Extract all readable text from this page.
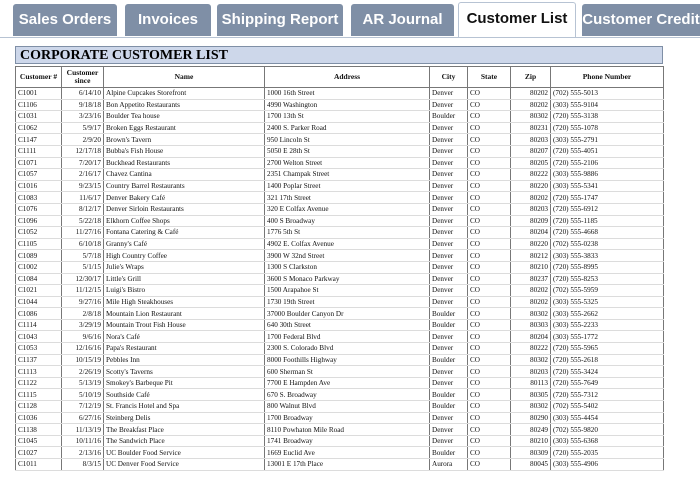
Sales Orders	Invoices	Shipping Report	AR Journal	Customer List Customer Credit
CORPORATE CUSTOMER LIST
Customer #	Customer since	Name	Address	City	State	Zip	Phone Number
C1001	6/14/10	Alpine Cupcakes Storefront	1000 16th Street	Denver	CO	80202	(702) 555-5013
C1106	9/18/18	Bon Appetito Restaurants	4990 Washington	Denver	CO	80202	(303) 555-9104
C1031	3/23/16	Boulder Tea house	1700 13th St	Boulder	CO	80302	(720) 555-3138
C1062	5/9/17	Broken Eggs Restaurant	2400 S. Parker Road	Denver	CO	80231	(720) 555-1078
C1147	2/9/20	Brown's Tavern	950 Lincoln St	Denver	CO	80203	(303) 555-2791
C1111	12/17/18	Bubba's Fish House	5050 E 28th St	Denver	CO	80207	(720) 555-4051
C1071	7/20/17	Buckhead Restaurants	2700 Welton Street	Denver	CO	80205	(720) 555-2106
C1057	2/16/17	Chavez Cantina	2351 Champak Street	Denver	CO	80222	(303) 555-9886
C1016	9/23/15	Country Barrel Restaurants	1400 Poplar Street	Denver	CO	80220	(303) 555-5341
C1083	11/6/17	Denver Bakery Café	321 17th Street	Denver	CO	80202	(720) 555-1747
C1076	8/12/17	Denver Sirloin Restaurants	320 E Colfax Avenue	Denver	CO	80203	(720) 555-6912
C1096	5/22/18	Elkhorn Coffee Shops	400 S Broadway	Denver	CO	80209	(720) 555-1185
C1052	11/27/16	Fontana Catering & Café	1776 5th St	Denver	CO	80204	(720) 555-4668
C1105	6/10/18	Granny's Café	4902 E. Colfax Avenue	Denver	CO	80220	(702) 555-0238
C1089	5/7/18	High Country Coffee	3900 W 32nd Street	Denver	CO	80212	(303) 555-3833
C1002	5/1/15	Julie's Wraps	1300 S Clarkston	Denver	CO	80210	(720) 555-8995
C1084	12/30/17	Little's Grill	3600 S Monaco Parkway	Denver	CO	80237	(720) 555-8253
C1021	11/12/15	Luigi's Bistro	1500 Arapahoe St	Denver	CO	80202	(702) 555-5959
C1044	9/27/16	Mile High Steakhouses	1730 19th Street	Denver	CO	80202	(303) 555-5325
C1086	2/8/18	Mountain Lion Restaurant	37000 Boulder Canyon Dr	Boulder	CO	80302	(303) 555-2662
C1114	3/29/19	Mountain Trout Fish House	640 30th Street	Boulder	CO	80303	(303) 555-2233
C1043	9/6/16	Nora's Café	1700 Federal Blvd	Denver	CO	80204	(303) 555-1772
C1053	12/16/16	Papa's Restaurant	2300 S. Colorado Blvd	Denver	CO	80222	(720) 555-5965
C1137	10/15/19	Pebbles Inn	8000 Foothills Highway	Boulder	CO	80302	(720) 555-2618
C1113	2/26/19	Scotty's Taverns	600 Sherman St	Denver	CO	80203	(720) 555-3424
C1122	5/13/19	Smokey's Barbeque Pit	7700 E Hampden Ave	Denver	CO	80113	(720) 555-7649
C1115	5/10/19	Southside Café	670 S. Broadway	Boulder	CO	80305	(720) 555-7312
C1128	7/12/19	St. Francis Hotel and Spa	800 Walnut Blvd	Boulder	CO	80302	(702) 555-5402
C1036	6/27/16	Steinberg Delis	1700 Broadway	Denver	CO	80290	(303) 555-4454
C1138	11/13/19	The Breakfast Place	8110 Powhaton Mile Road	Denver	CO	80249	(702) 555-9820
C1045	10/11/16	The Sandwich Place	1741 Broadway	Denver	CO	80210	(303) 555-6368
C1027	2/13/16	UC Boulder Food Service	1669 Euclid Ave	Boulder	CO	80309	(720) 555-2035
C1011	8/3/15	UC Denver Food Service	13001 E 17th Place	Aurora	CO	80045	(303) 555-4906
